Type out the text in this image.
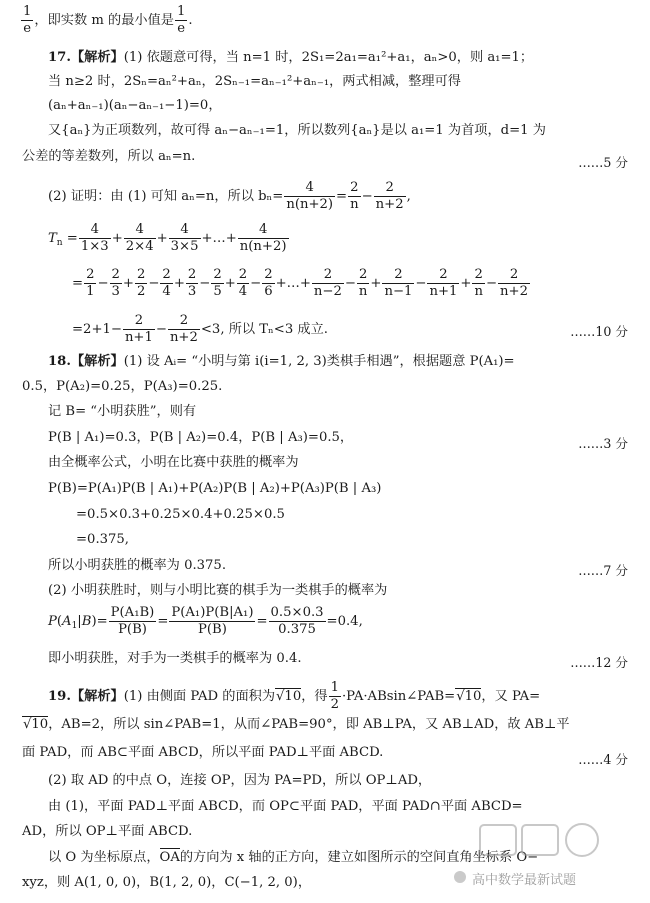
$\frac{1}{e}$ ，即实数 m 的最小值是 $\frac{1}{e}$ .
17.【解析】(1) 依题意可得，当 n=1 时，2S₁=2a₁=a₁²+a₁，aₙ>0，则 a₁=1；
当 n≥2 时，2Sₙ=aₙ²+aₙ，2Sₙ₋₁=aₙ₋₁²+aₙ₋₁，两式相减，整理可得
(aₙ+aₙ₋₁)(aₙ−aₙ₋₁−1)=0，
又{aₙ}为正项数列，故可得 aₙ−aₙ₋₁=1，所以数列{aₙ}是以 a₁=1 为首项，d=1 为
公差的等差数列，所以 aₙ=n.	……5 分
(2) 证明：由 (1) 可知 aₙ=n，所以 $b_n= \frac{4}{n(n+2)} = \frac{2}{n} - \frac{2}{n+2}$ ,
$T_n = \frac{4}{1\times 3} + \frac{4}{2\times 4} + \frac{4}{3\times 5}$ +…+ $\frac{4}{n(n+2)}$
= $\frac{2}{1} - \frac{2}{3} + \frac{2}{2} - \frac{2}{4} + \frac{2}{3} - \frac{2}{5} + \frac{2}{4} - \frac{2}{6}$ +…+ $\frac{2}{n-2} - \frac{2}{n} + \frac{2}{n-1} - \frac{2}{n+1} + \frac{2}{n} - \frac{2}{n+2}$
$=2+1- \frac{2}{n+1} - \frac{2}{n+2} <3$, 所以 Tₙ<3 成立.	……10 分
18.【解析】(1) 设 Aᵢ= “小明与第 i(i=1, 2, 3)类棋手相遇”，根据题意 P(A₁)=
0.5，P(A₂)=0.25，P(A₃)=0.25.
记 B= “小明获胜”，则有
P(B | A₁)=0.3，P(B | A₂)=0.4，P(B | A₃)=0.5，	……3 分
由全概率公式，小明在比赛中获胜的概率为
P(B)=P(A₁)P(B | A₁)+P(A₂)P(B | A₂)+P(A₃)P(B | A₃)
=0.5×0.3+0.25×0.4+0.25×0.5
=0.375,
所以小明获胜的概率为 0.375.	……7 分
(2) 小明获胜时，则与小明比赛的棋手为一类棋手的概率为
$P(A_1|B)= \frac{\text{P(A₁B)}}{P(B)} = \frac{\text{P(A₁)P(B|A₁)}}{P(B)} = \frac{0.5\times 0.3}{0.375} =0.4$,
即小明获胜，对手为一类棋手的概率为 0.4.	……12 分
19.【解析】(1) 由侧面 PAD 的面积为√10，得 $\frac{1}{2}$ ·PA·ABsin∠PAB=√10，又 PA=
√10，AB=2，所以 sin∠PAB=1，从而∠PAB=90°，即 AB⊥PA，又 AB⊥AD，故 AB⊥平
面 PAD，而 AB⊂平面 ABCD，所以平面 PAD⊥平面 ABCD.	……4 分
(2) 取 AD 的中点 O，连接 OP，因为 PA=PD，所以 OP⊥AD，
由 (1)，平面 PAD⊥平面 ABCD，而 OP⊂平面 PAD，平面 PAD∩平面 ABCD=
AD，所以 OP⊥平面 ABCD.
以 O 为坐标原点，OA的方向为 x 轴的正方向，建立如图所示的空间直角坐标系 O−
xyz，则 A(1, 0, 0)，B(1, 2, 0)，C(−1, 2, 0)，	高中数学最新试题
